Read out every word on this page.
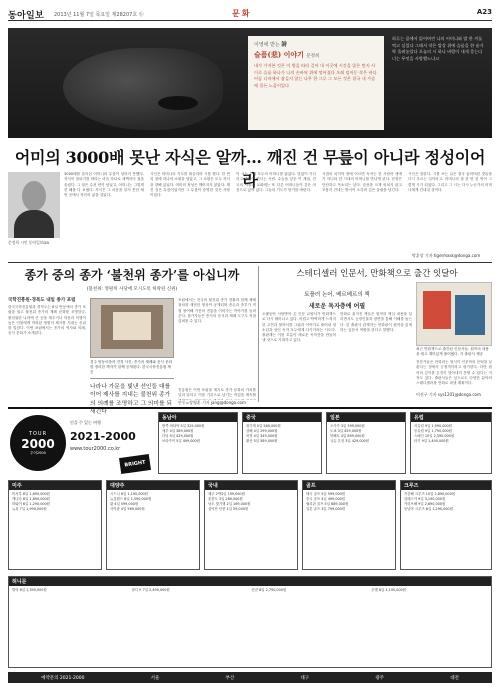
동아일보 2013년 11월 7일 목요일 제28207호 ⓑ	문화	A23
이영애 받는 詩
슬픔(悲) 이야기 문정희
내가 가져본 것은 이 방을 따라 걸어 내 이곳에 시간을 잃은 먼지 사이로 슬픔 하나가 나의 손바닥 위에 떨어졌다 오래 덮어둔 작은 바다 어둠 너머에서 잠들지 않는 나무 한 그루 그 모든 것은 결국 내 가슴에 물든 노을이었다
하루는 꿈에서 잃어버린 나의 어머니와 밥 한 끼를 먹고 싶었다 그래서 작은 밥상 위에 슬픔을 한 숟가락 올려놓았다 오늘의 시 하나 바람이 내게 묻는다 너는 무엇을 사랑했느냐고
어미의 3000배 못난 자식은 알까… 깨진 건 무릎이 아니라 정성이어라
문정희 시인 동아일보DB
3000배를 올리던 어머니의 무릎이 성하지 못했다. 자식이 잘되기를 바라는 마음 하나로 새벽마다 절을 올렸다. 그 절은 수천 번이 넘었고, 어머니는 그렇게 한 해를 다 보냈다. 자식은 그 마음을 알지 못한 채 먼 곳에서 자신의 삶을 살았다.
시인은 어머니의 기도를 떠올리며 시를 썼다. 한 번의 절에 하나의 소원을 담았고, 그 소원은 모두 자식을 향해 있었다. 어미의 정성은 깨어지지 않았다. 깨진 것은 무릎이었지만 그 무릎이 증명한 것은 사랑이었다.
이 시는 우리 모두의 어머니를 닮았다. 말없이 기다리고 말없이 견디는 사람. 수능을 앞둔 이 계절, 전국의 사찰과 교회에는 또 다른 어머니들이 같은 마음으로 앉아 있다. 그들의 기도가 닿기를 바란다.
시집의 마지막 장에 이르면 독자는 한 사람의 생애가 아니라 한 시대의 어머니를 만나게 된다. 문장은 단단하고 목소리는 낮다. 슬픔을 크게 외치지 않고 조용히 건네는 방식이 오히려 깊은 울림을 남긴다.
시인은 말한다. 시를 쓰는 일은 결국 잃어버린 것들을 다시 부르는 일이라고. 어머니의 절 한 번 한 번이 그렇게 시가 되었다. 그리고 그 시는 다시 누군가의 어머니에게 건네질 것이다.
박훈상 기자 tigermask@donga.com
종가 중의 종가 ‘불천위 종가’를 아십니까
(불천위: 영원히 사당에 모시도록 허락된 신위)
국학진흥원-경북도 내일 종가 포럼
한국국학진흥원과 경북도는 8일 안동에서 종가 포럼을 열고 불천위 종가의 제례 문화를 조명한다. 불천위란 나라에 큰 공을 세우거나 학문과 덕행이 높은 인물에게 허락된 영원히 제사를 지내는 신위를 말한다. 이번 포럼에서는 종가의 역사와 의례, 음식 문화가 소개된다.
경주 양동마을의 전경 사진. 종가의 제례와 음식 문화를 정리한 책자가 함께 공개된다. 한국국학진흥원 제공
나라나 가문을 빛낸 선인들 대를 이어 제사를 지내는 불천위 종가의 의례를 조명하고 그 의미를 되새긴다
포럼에서는 전국의 불천위 종가 현황과 함께 제례 절차를 재현한 영상이 공개되며 종손과 종부가 직접 참여해 가문의 전통을 이어가는 이야기를 들려준다. 참가자들은 종가의 음식과 제례 도구도 직접 살펴볼 수 있다.
진흥원은 이번 포럼을 계기로 종가 문화의 가치를 널리 알리고 이를 기록으로 남기는 작업을 계속할
안동=장영훈 기자 jang@donga.com
스테디셀러 인문서, 만화책으로 출간 잇달아
토플러 논어, 베르베르의 책
새로운 독자층에 어필
오랫동안 사랑받아 온 인문 교양서가 만화책으로 다시 태어나고 있다. 어렵고 딱딱하게 느껴지던 고전과 철학서를 그림과 이야기로 풀어내 청소년과 성인 독자 모두에게 다가가려는 시도다. 출판계는 이런 흐름이 새로운 독자층을 만들어낼 것으로 기대하고 있다.
만화로 옮겨진 책들은 원작의 핵심 내용을 살리면서도 등장인물과 장면을 통해 이해를 돕는다. 한 출판사 관계자는 만화판이 원작을 읽게 하는 입문서 역할을 한다고 말했다.
최근 만화책으로 출간된 인문서들. 원작의 내용을 쉽고 재미있게 풀어냈다. 각 출판사 제공
전문가들은 만화라는 형식이 인문학의 문턱을 낮춘다는 점에서 긍정적이라고 평가한다. 다만 원작의 깊이를 온전히 담아내지 못할 수 있다는 지적도 있다. 출판사들은 앞으로도 다양한 분야의 스테디셀러를 만화로 펴낼 계획이다.
이진구 기자 sys1201@donga.com
TOUR
2000
투어2000
믿을 수 있는 여행
2021-2000
www.tour2000.co.kr
BRIGHT
동남아
방콕 파타야 5일 329,000원
세부 4일 389,000원
다낭 5일 429,000원
보라카이 5일 499,000원
중국
장가계 5일 569,000원
상해 4일 299,000원
북경 4일 349,000원
황산 5일 589,000원
일본
오사카 3일 399,000원
도쿄 3일 459,000원
북해도 4일 899,000원
규슈 온천 3일 429,000원
유럽
서유럽 9일 1,990,000원
동유럽 9일 1,790,000원
스페인 10일 2,390,000원
터키 9일 1,490,000원
미주
미서부 8일 1,690,000원
캐나다 8일 1,890,000원
하와이 6일 1,290,000원
뉴욕 7일 1,990,000원
대양주
시드니 6일 1,190,000원
뉴질랜드 8일 1,590,000원
괌 4일 599,000원
사이판 4일 569,000원
국내
제주 2박3일 199,000원
울릉도 3일 289,000원
남도 맛기행 2일 169,000원
설악산 단풍 1일 59,000원
골프
태국 골프 5일 599,000원
중국 골프 4일 499,000원
필리핀 골프 5일 689,000원
일본 골프 3일 799,000원
크루즈
지중해 크루즈 10일 2,890,000원
알래스카 9일 3,190,000원
카리브해 9일 2,690,000원
동남아 크루즈 6일 1,290,000원
허니문
발리 6일 1,390,000원	몰디브 7일 2,490,000원	칸쿤 8일 2,790,000원	푸껫 6일 1,190,000원
예약문의 2021-2000	서울	부산	대구	광주	대전
